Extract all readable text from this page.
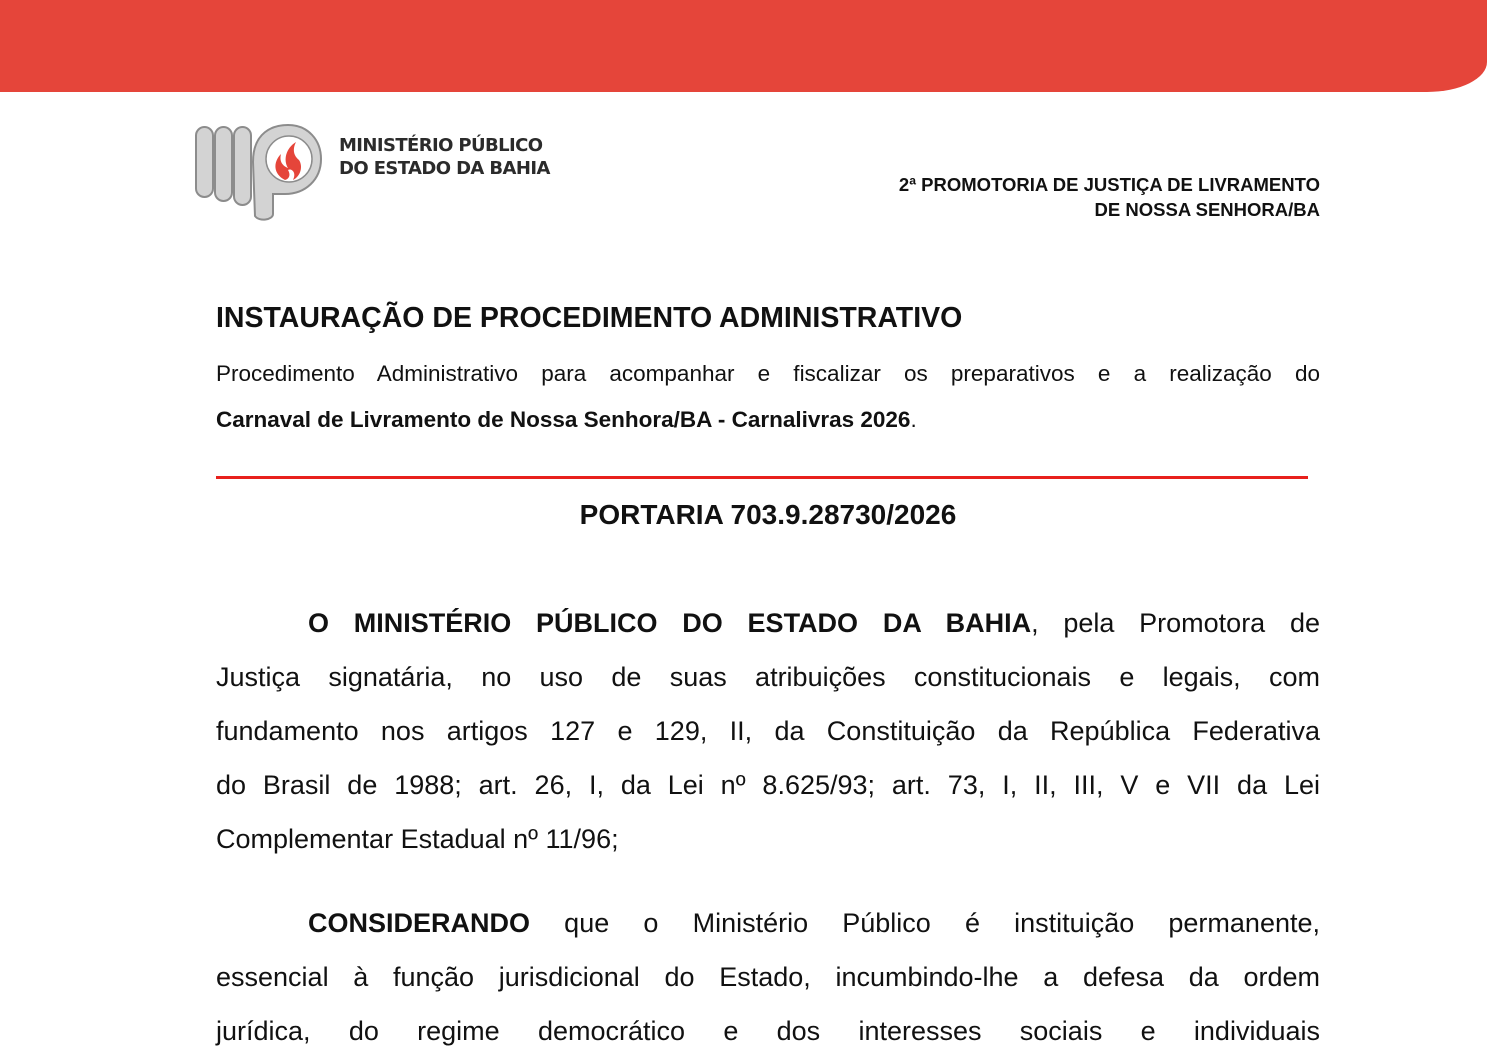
MINISTÉRIO PÚBLICO
DO ESTADO DA BAHIA
2ª PROMOTORIA DE JUSTIÇA DE LIVRAMENTO
DE NOSSA SENHORA/BA
INSTAURAÇÃO DE PROCEDIMENTO ADMINISTRATIVO
Procedimento Administrativo para acompanhar e fiscalizar os preparativos e a realização do
Carnaval de Livramento de Nossa Senhora/BA - Carnalivras 2026.
PORTARIA 703.9.28730/2026
O MINISTÉRIO PÚBLICO DO ESTADO DA BAHIA, pela Promotora de
Justiça signatária, no uso de suas atribuições constitucionais e legais, com
fundamento nos artigos 127 e 129, II, da Constituição da República Federativa
do Brasil de 1988; art. 26, I, da Lei nº 8.625/93; art. 73, I, II, III, V e VII da Lei
Complementar Estadual nº 11/96;
CONSIDERANDO que o Ministério Público é instituição permanente,
essencial à função jurisdicional do Estado, incumbindo-lhe a defesa da ordem
jurídica, do regime democrático e dos interesses sociais e individuais
